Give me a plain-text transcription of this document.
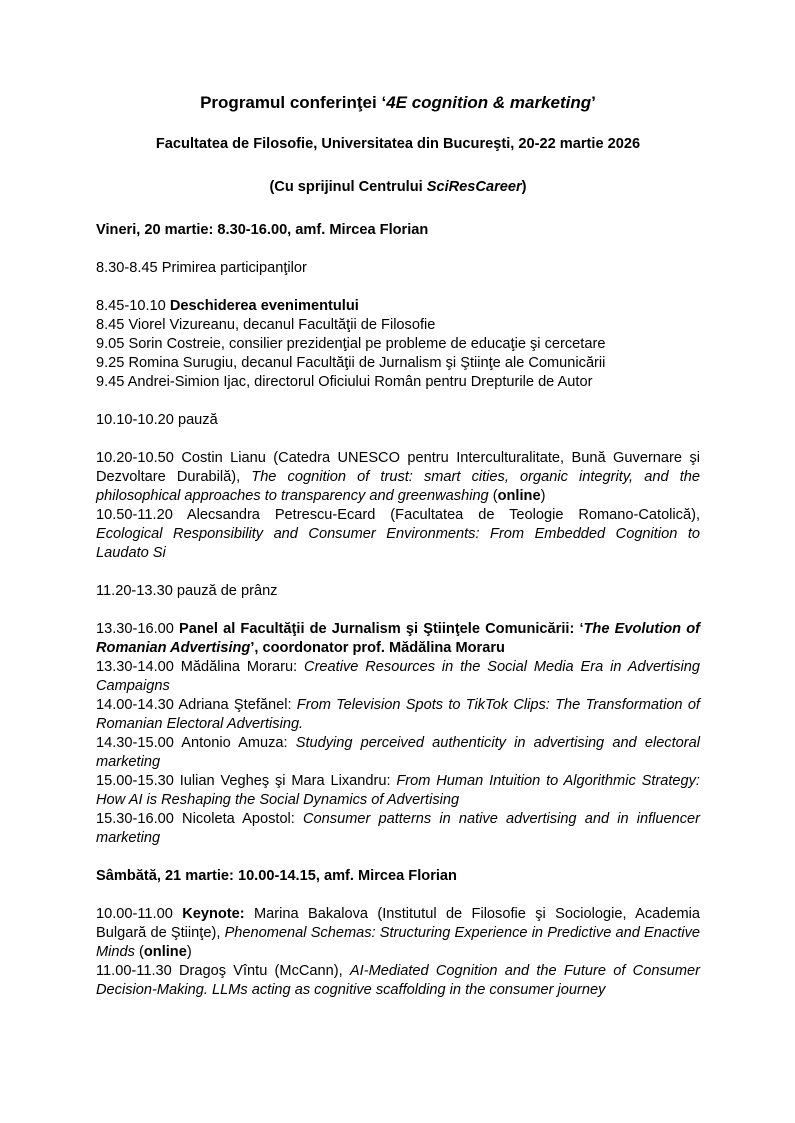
Programul conferinţei ‘4E cognition & marketing’

Facultatea de Filosofie, Universitatea din Bucureşti, 20-22 martie 2026

(Cu sprijinul Centrului SciResCareer)

Vineri, 20 martie: 8.30-16.00, amf. Mircea Florian

8.30-8.45 Primirea participanţilor

8.45-10.10 Deschiderea evenimentului

8.45 Viorel Vizureanu, decanul Facultăţii de Filosofie

9.05 Sorin Costreie, consilier prezidenţial pe probleme de educaţie şi cercetare

9.25 Romina Surugiu, decanul Facultăţii de Jurnalism şi Ştiinţe ale Comunicării

9.45 Andrei-Simion Ijac, directorul Oficiului Român pentru Drepturile de Autor

10.10-10.20 pauză

10.20-10.50 Costin Lianu (Catedra UNESCO pentru Interculturalitate, Bună Guvernare şi Dezvoltare Durabilă), The cognition of trust: smart cities, organic integrity, and the philosophical approaches to transparency and greenwashing (online)

10.50-11.20 Alecsandra Petrescu-Ecard (Facultatea de Teologie Romano-Catolică), Ecological Responsibility and Consumer Environments: From Embedded Cognition to Laudato Si

11.20-13.30 pauză de prânz

13.30-16.00 Panel al Facultăţii de Jurnalism şi Ştiinţele Comunicării: ‘The Evolution of Romanian Advertising’, coordonator prof. Mădălina Moraru

13.30-14.00 Mădălina Moraru: Creative Resources in the Social Media Era in Advertising Campaigns

14.00-14.30 Adriana Ştefănel: From Television Spots to TikTok Clips: The Transformation of Romanian Electoral Advertising.

14.30-15.00 Antonio Amuza: Studying perceived authenticity in advertising and electoral marketing

15.00-15.30 Iulian Vegheş şi Mara Lixandru: From Human Intuition to Algorithmic Strategy: How AI is Reshaping the Social Dynamics of Advertising

15.30-16.00 Nicoleta Apostol: Consumer patterns in native advertising and in influencer marketing

Sâmbătă, 21 martie: 10.00-14.15, amf. Mircea Florian

10.00-11.00 Keynote: Marina Bakalova (Institutul de Filosofie şi Sociologie, Academia Bulgară de Ştiinţe), Phenomenal Schemas: Structuring Experience in Predictive and Enactive Minds (online)

11.00-11.30 Dragoş Vîntu (McCann), AI-Mediated Cognition and the Future of Consumer Decision-Making. LLMs acting as cognitive scaffolding in the consumer journey
